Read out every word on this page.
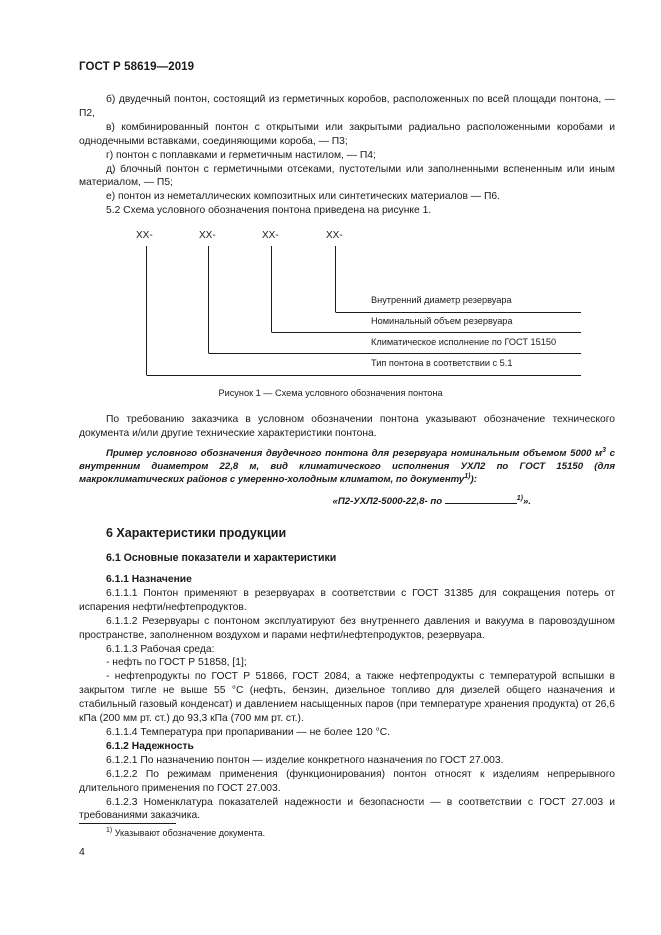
ГОСТ Р 58619—2019

б) двудечный понтон, состоящий из герметичных коробов, расположенных по всей площади понтона, — П2,

в) комбинированный понтон с открытыми или закрытыми радиально расположенными коробами и однодечными вставками, соединяющими короба, — П3;

г) понтон с поплавками и герметичным настилом, — П4;

д) блочный понтон с герметичными отсеками, пустотелыми или заполненными вспененным или иным материалом, — П5;

е) понтон из неметаллических композитных или синтетических материалов — П6.

5.2 Схема условного обозначения понтона приведена на рисунке 1.

XX-	XX-	XX-	XX-
Внутренний диаметр резервуара
Номинальный объем резервуара
Климатическое исполнение по ГОСТ 15150
Тип понтона в соответствии с 5.1
Рисунок 1 — Схема условного обозначения понтона

По требованию заказчика в условном обозначении понтона указывают обозначение технического документа и/или другие технические характеристики понтона.

Пример условного обозначения двудечного понтона для резервуара номинальным объемом 5000 $м^3$ с внутренним диаметром 22,8 м, вид климатического исполнения УХЛ2 по ГОСТ 15150 (для макроклиматических районов с умеренно-холодным климатом, по документу$^{1)}$):

«П2-УХЛ2-5000-22,8- по	$^{1)}$».

6 Характеристики продукции
6.1 Основные показатели и характеристики

6.1.1 Назначение

6.1.1.1 Понтон применяют в резервуарах в соответствии с ГОСТ 31385 для сокращения потерь от испарения нефти/нефтепродуктов.

6.1.1.2 Резервуары с понтоном эксплуатируют без внутреннего давления и вакуума в паровоздушном пространстве, заполненном воздухом и парами нефти/нефтепродуктов, резервуара.

6.1.1.3 Рабочая среда:

- нефть по ГОСТ Р 51858, [1];

- нефтепродукты по ГОСТ Р 51866, ГОСТ 2084, а также нефтепродукты с температурой вспышки в закрытом тигле не выше 55 °С (нефть, бензин, дизельное топливо для дизелей общего назначения и стабильный газовый конденсат) и давлением насыщенных паров (при температуре хранения продукта) от 26,6 кПа (200 мм рт. ст.) до 93,3 кПа (700 мм рт. ст.).

6.1.1.4 Температура при пропаривании — не более 120 °С.

6.1.2 Надежность

6.1.2.1 По назначению понтон — изделие конкретного назначения по ГОСТ 27.003.

6.1.2.2 По режимам применения (функционирования) понтон относят к изделиям непрерывного длительного применения по ГОСТ 27.003.

6.1.2.3 Номенклатура показателей надежности и безопасности — в соответствии с ГОСТ 27.003 и требованиями заказчика.

$^{1)}$ Указывают обозначение документа.
4
